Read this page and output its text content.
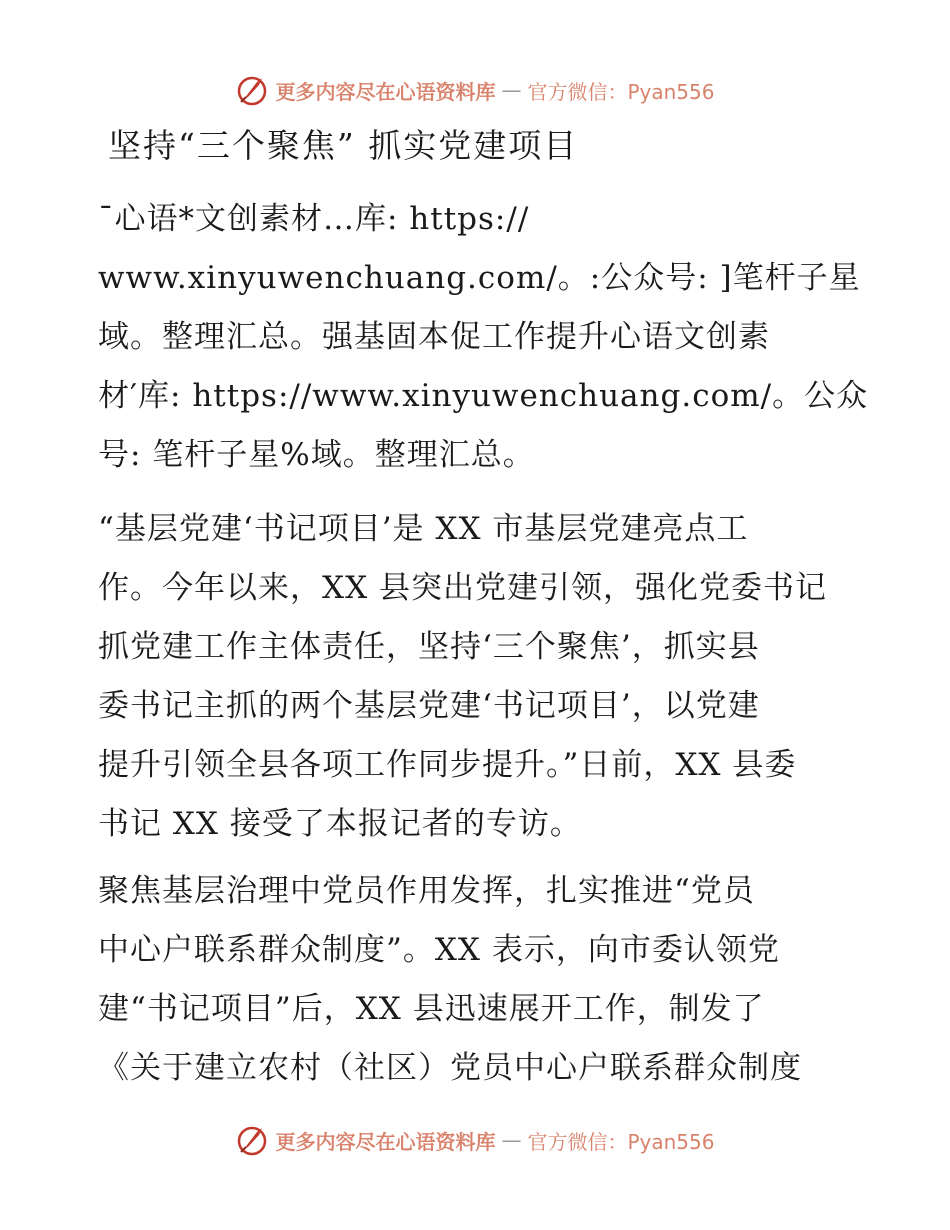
更多内容尽在心语资料库 — 官方微信：Pyan556
坚持“三个聚焦” 抓实党建项目
¯心语*文创素材…库: https://
www.xinyuwenchuang.com/。:公众号: ]笔杆子星
域。整理汇总。强基固本促工作提升心语文创素
材′库: https://www.xinyuwenchuang.com/。公众
号: 笔杆子星%域。整理汇总。
“基层党建‘书记项目’是 XX 市基层党建亮点工
作。今年以来，XX 县突出党建引领，强化党委书记
抓党建工作主体责任，坚持‘三个聚焦’，抓实县
委书记主抓的两个基层党建‘书记项目’，以党建
提升引领全县各项工作同步提升。”日前，XX 县委
书记 XX 接受了本报记者的专访。
聚焦基层治理中党员作用发挥，扎实推进“党员
中心户联系群众制度”。XX 表示，向市委认领党
建“书记项目”后，XX 县迅速展开工作，制发了
《关于建立农村（社区）党员中心户联系群众制度
更多内容尽在心语资料库 — 官方微信：Pyan556
